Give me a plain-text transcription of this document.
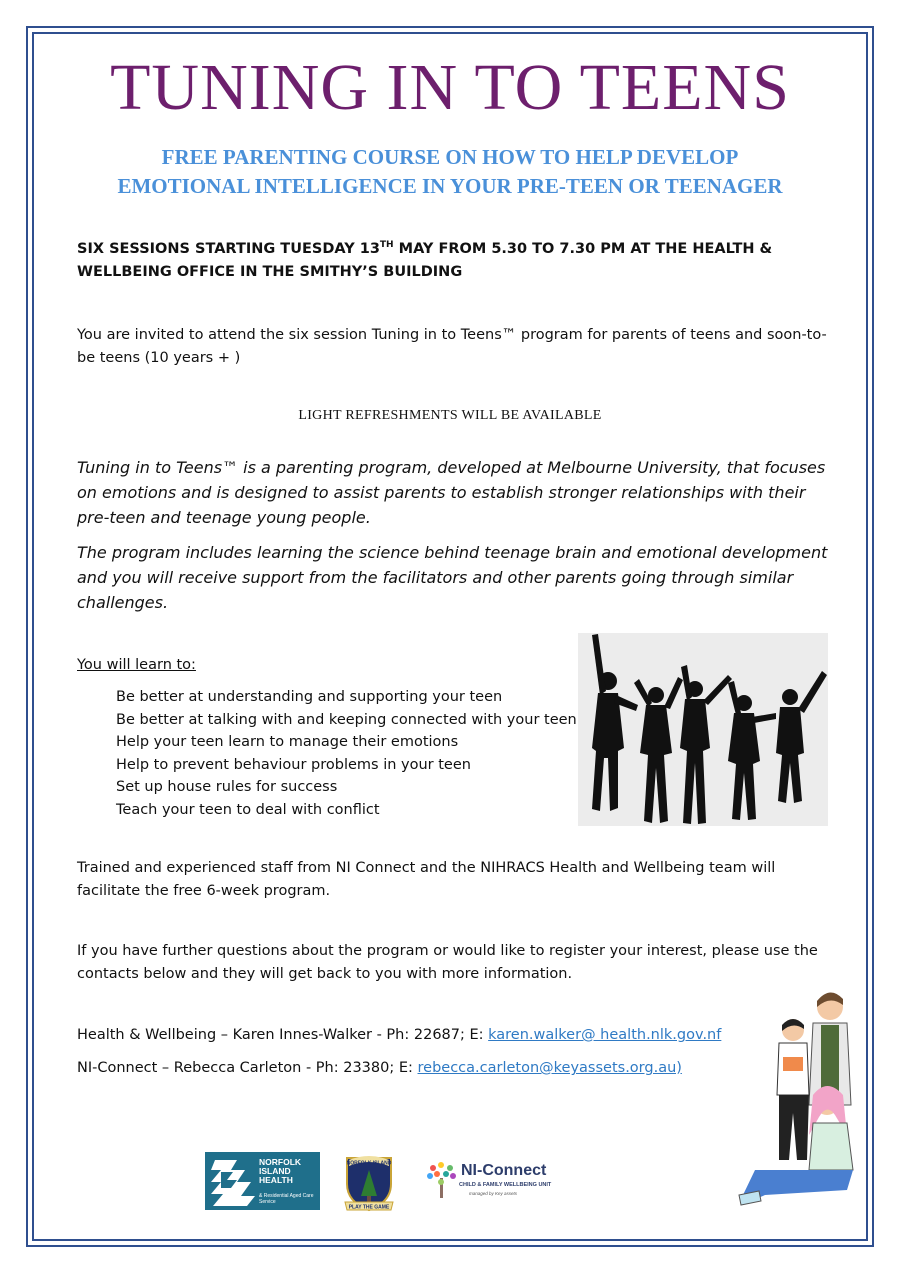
TUNING IN TO TEENS
FREE PARENTING COURSE ON HOW TO HELP DEVELOP
EMOTIONAL INTELLIGENCE IN YOUR PRE-TEEN OR TEENAGER
SIX SESSIONS STARTING TUESDAY 13TH MAY FROM 5.30 TO 7.30 PM AT THE HEALTH & WELLBEING OFFICE IN THE SMITHY’S BUILDING
You are invited to attend the six session Tuning in to Teens™ program for parents of teens and soon-to-be teens (10 years + )
LIGHT REFRESHMENTS WILL BE AVAILABLE
Tuning in to Teens™ is a parenting program, developed at Melbourne University, that focuses on emotions and is designed to assist parents to establish stronger relationships with their pre-teen and teenage young people.
The program includes learning the science behind teenage brain and emotional development and you will receive support from the facilitators and other parents going through similar challenges.
You will learn to:
Be better at understanding and supporting your teen
Be better at talking with and keeping connected with your teen
Help your teen learn to manage their emotions
Help to prevent behaviour problems in your teen
Set up house rules for success
Teach your teen to deal with conflict
Trained and experienced staff from NI Connect and the NIHRACS Health and Wellbeing team will facilitate the free 6-week program.
If you have further questions about the program or would like to register your interest, please use the contacts below and they will get back to you with more information.
Health & Wellbeing – Karen Innes-Walker - Ph: 22687; E: karen.walker@ health.nlk.gov.nf
NI-Connect – Rebecca Carleton - Ph: 23380; E: rebecca.carleton@keyassets.org.au)
NORFOLK
ISLAND
HEALTH
& Residential Aged Care Service
NORFOLK ISLAND
PLAY THE GAME
NI-Connect
CHILD & FAMILY WELLBEING UNIT
managed by Key assets
